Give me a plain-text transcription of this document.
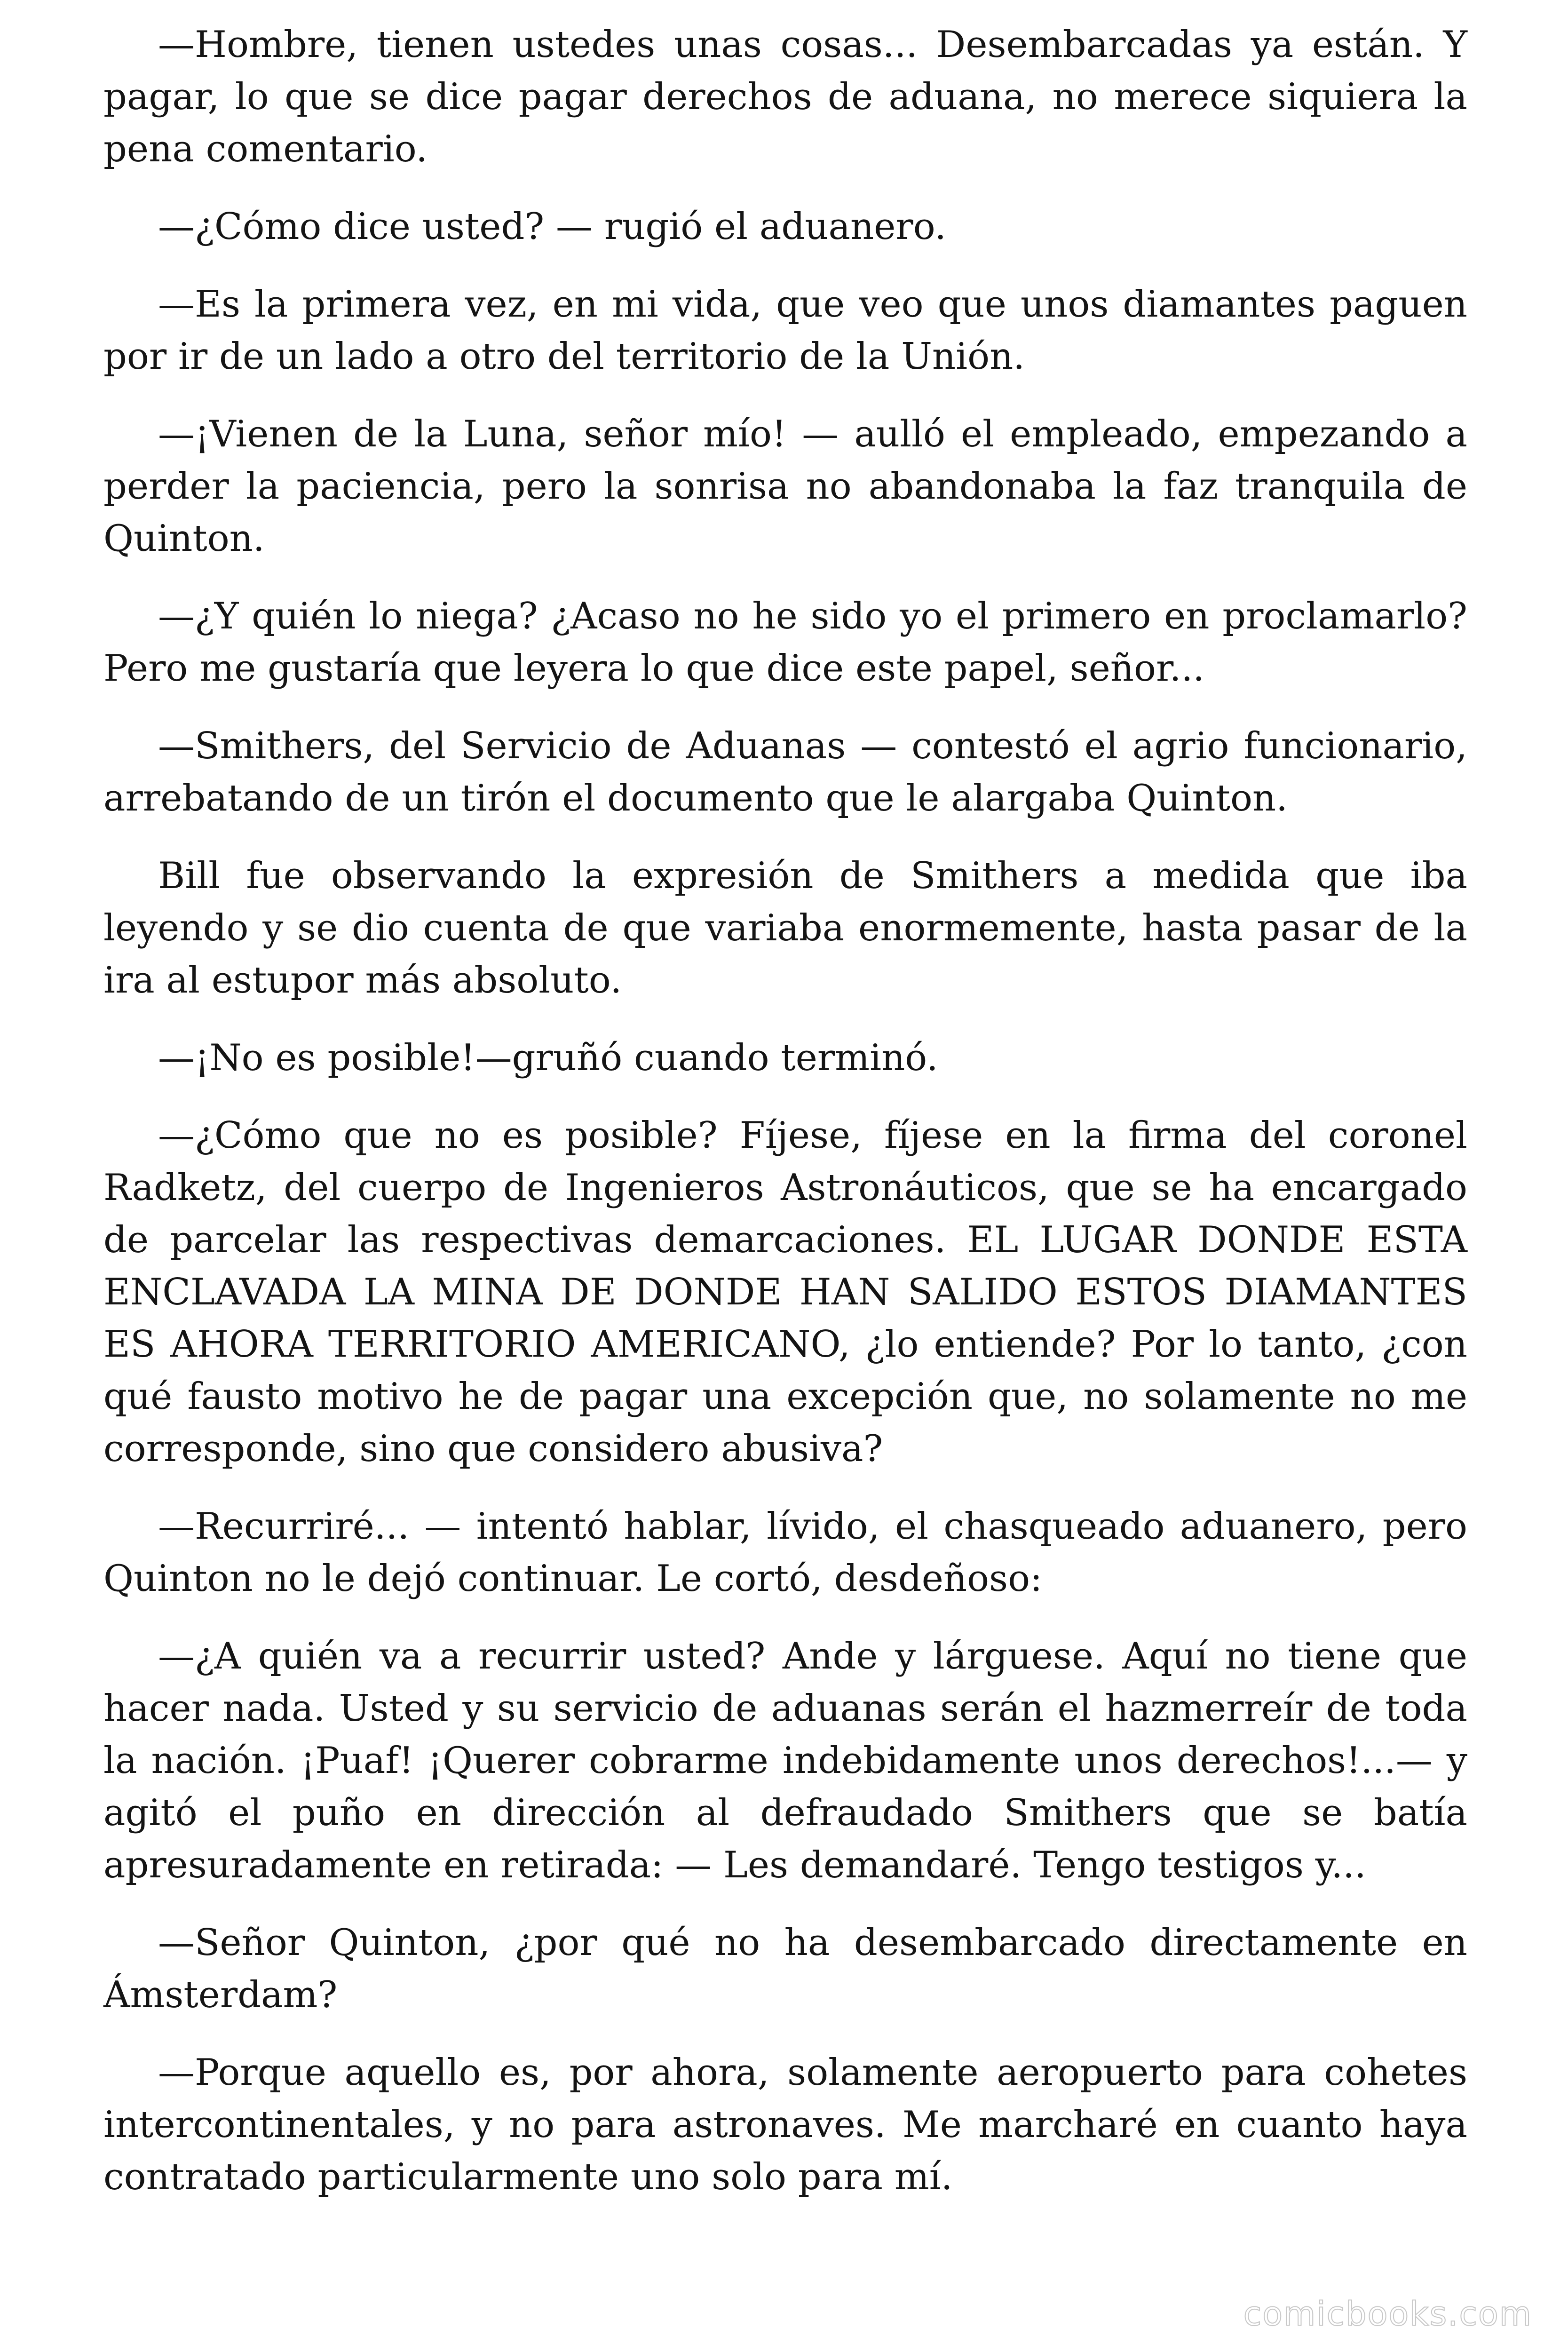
—Hombre, tienen ustedes unas cosas... Desembarcadas ya están. Y pagar, lo que se dice pagar derechos de aduana, no merece siquiera la pena comentario.

—¿Cómo dice usted? — rugió el aduanero.

—Es la primera vez, en mi vida, que veo que unos diamantes paguen por ir de un lado a otro del territorio de la Unión.

—¡Vienen de la Luna, señor mío! — aulló el empleado, empezando a perder la paciencia, pero la sonrisa no abandonaba la faz tranquila de Quinton.

—¿Y quién lo niega? ¿Acaso no he sido yo el primero en proclamarlo? Pero me gustaría que leyera lo que dice este papel, señor...

—Smithers, del Servicio de Aduanas — contestó el agrio funcionario, arrebatando de un tirón el documento que le alargaba Quinton.

Bill fue observando la expresión de Smithers a medida que iba leyendo y se dio cuenta de que variaba enormemente, hasta pasar de la ira al estupor más absoluto.

—¡No es posible!—gruñó cuando terminó.

—¿Cómo que no es posible? Fíjese, fíjese en la firma del coronel Radketz, del cuerpo de Ingenieros Astronáuticos, que se ha encargado de parcelar las respectivas demarcaciones. EL LUGAR DONDE ESTA ENCLAVADA LA MINA DE DONDE HAN SALIDO ESTOS DIAMANTES ES AHORA TERRITORIO AMERICANO, ¿lo entiende? Por lo tanto, ¿con qué fausto motivo he de pagar una excepción que, no solamente no me corresponde, sino que considero abusiva?

—Recurriré... — intentó hablar, lívido, el chasqueado aduanero, pero Quinton no le dejó continuar. Le cortó, desdeñoso:

—¿A quién va a recurrir usted? Ande y lárguese. Aquí no tiene que hacer nada. Usted y su servicio de aduanas serán el hazmerreír de toda la nación. ¡Puaf! ¡Querer cobrarme indebidamente unos derechos!...— y agitó el puño en dirección al defraudado Smithers que se batía apresuradamente en retirada: — Les demandaré. Tengo testigos y...

—Señor Quinton, ¿por qué no ha desembarcado directamente en Ámsterdam?

—Porque aquello es, por ahora, solamente aeropuerto para cohetes intercontinentales, y no para astronaves. Me marcharé en cuanto haya contratado particularmente uno solo para mí.

comicbooks.com
